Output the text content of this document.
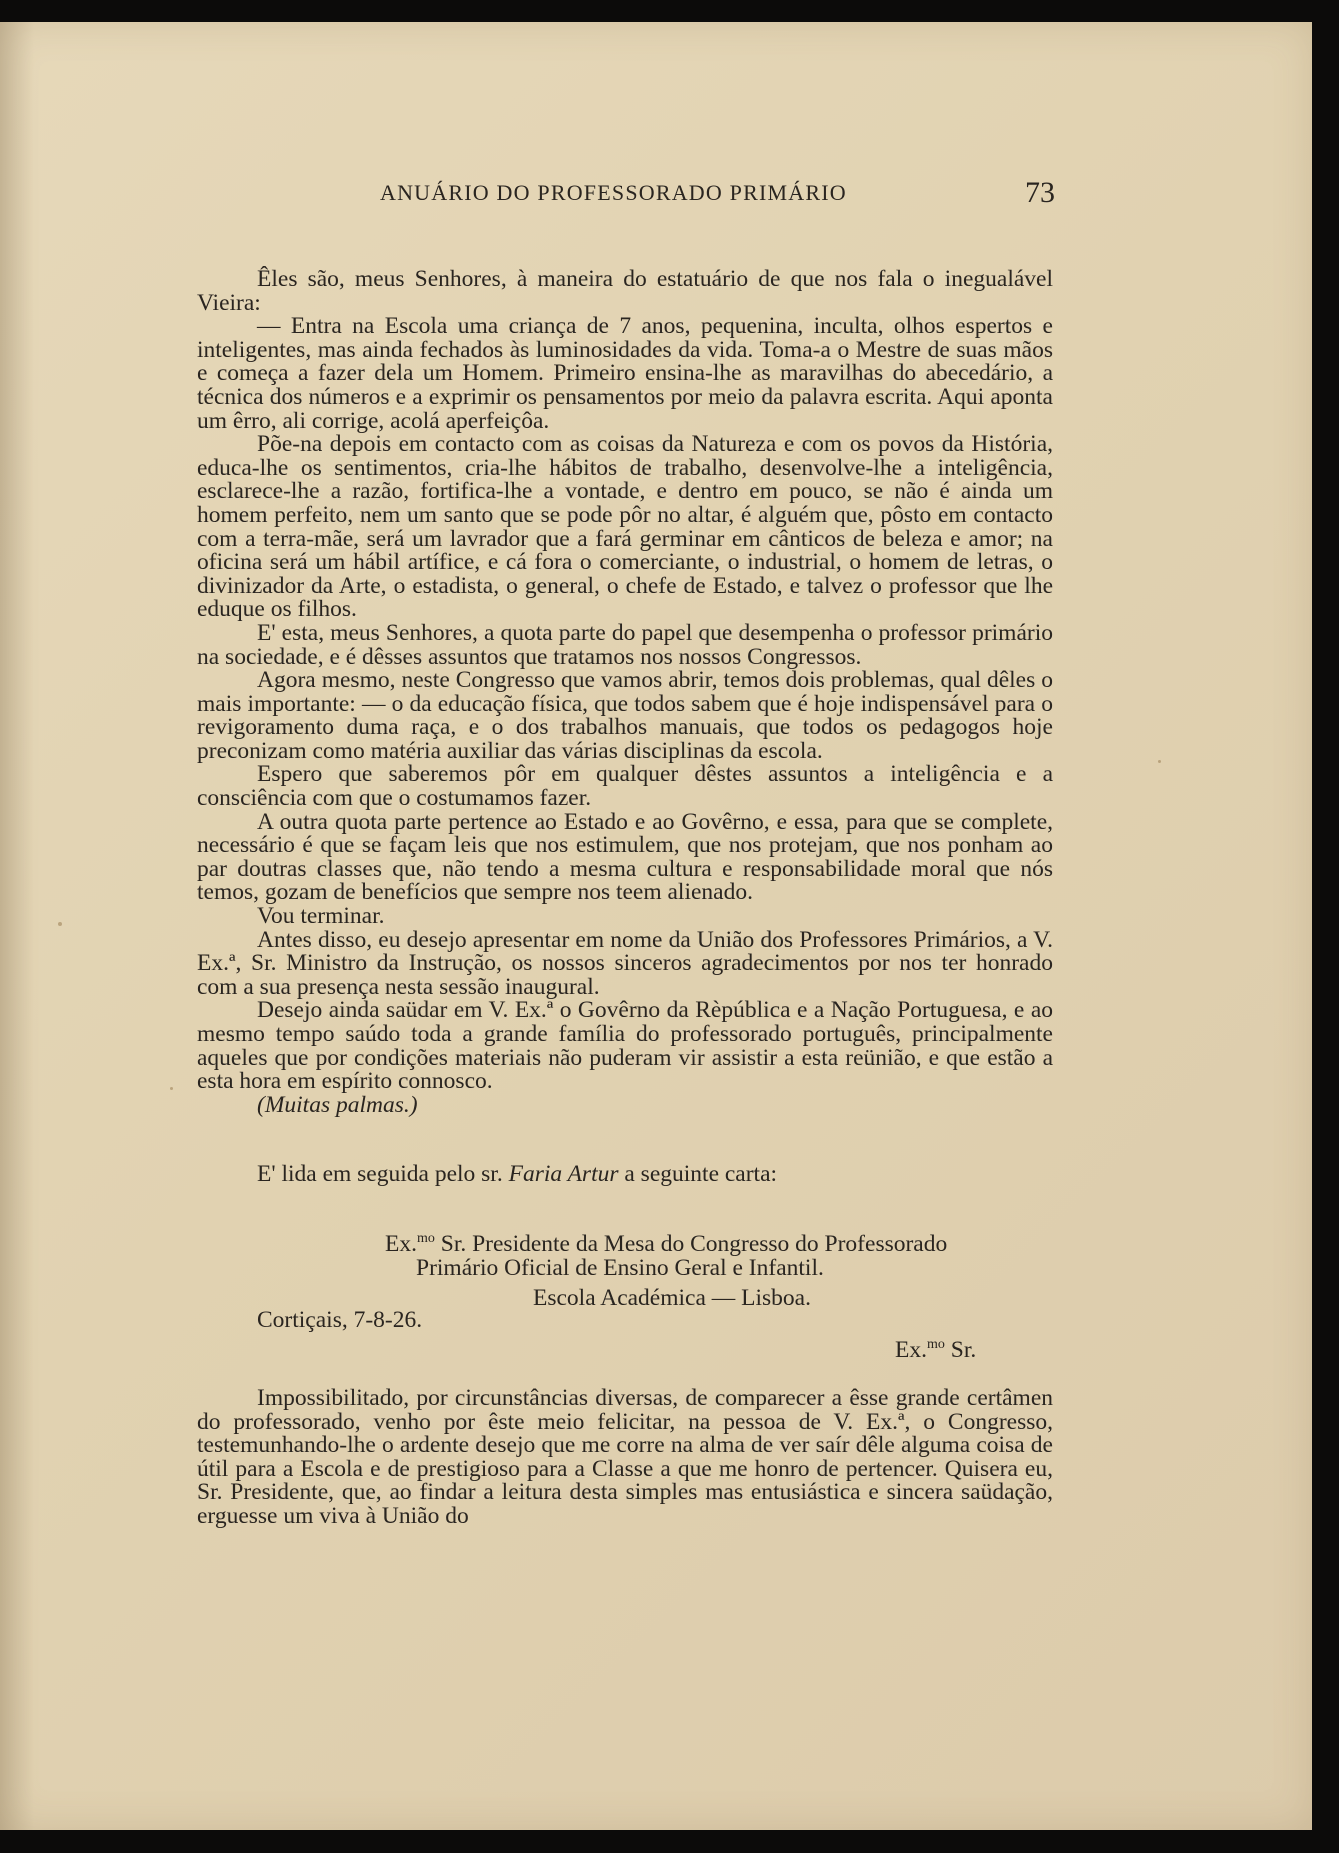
ANUÁRIO DO PROFESSORADO PRIMÁRIO	73

Êles são, meus Senhores, à maneira do estatuário de que nos fala o inegualável Vieira:

— Entra na Escola uma criança de 7 anos, pequenina, inculta, olhos espertos e inteligentes, mas ainda fechados às luminosidades da vida. Toma-a o Mestre de suas mãos e começa a fazer dela um Homem. Primeiro ensina-lhe as maravilhas do abecedário, a técnica dos números e a exprimir os pensamentos por meio da palavra escrita. Aqui aponta um êrro, ali corrige, acolá aperfeiçôa.

Põe-na depois em contacto com as coisas da Natureza e com os povos da História, educa-lhe os sentimentos, cria-lhe hábitos de trabalho, desenvolve-lhe a inteligência, esclarece-lhe a razão, fortifica-lhe a vontade, e dentro em pouco, se não é ainda um homem perfeito, nem um santo que se pode pôr no altar, é alguém que, pôsto em contacto com a terra-mãe, será um lavrador que a fará germinar em cânticos de beleza e amor; na oficina será um hábil artífice, e cá fora o comerciante, o industrial, o homem de letras, o divinizador da Arte, o estadista, o general, o chefe de Estado, e talvez o professor que lhe eduque os filhos.

E' esta, meus Senhores, a quota parte do papel que desempenha o professor primário na sociedade, e é dêsses assuntos que tratamos nos nossos Congressos.

Agora mesmo, neste Congresso que vamos abrir, temos dois problemas, qual dêles o mais importante: — o da educação física, que todos sabem que é hoje indispensável para o revigoramento duma raça, e o dos trabalhos manuais, que todos os pedagogos hoje preconizam como matéria auxiliar das várias disciplinas da escola.

Espero que saberemos pôr em qualquer dêstes assuntos a inteligência e a consciência com que o costumamos fazer.

A outra quota parte pertence ao Estado e ao Govêrno, e essa, para que se complete, necessário é que se façam leis que nos estimulem, que nos protejam, que nos ponham ao par doutras classes que, não tendo a mesma cultura e responsabilidade moral que nós temos, gozam de benefícios que sempre nos teem alienado.

Vou terminar.

Antes disso, eu desejo apresentar em nome da União dos Professores Primários, a V. Ex.ª, Sr. Ministro da Instrução, os nossos sinceros agradecimentos por nos ter honrado com a sua presença nesta sessão inaugural.

Desejo ainda saüdar em V. Ex.ª o Govêrno da Rèpública e a Nação Portuguesa, e ao mesmo tempo saúdo toda a grande família do professorado português, principalmente aqueles que por condições materiais não puderam vir assistir a esta reünião, e que estão a esta hora em espírito connosco.

(Muitas palmas.)

E' lida em seguida pelo sr. Faria Artur a seguinte carta:

Ex.$^{mo}$ Sr. Presidente da Mesa do Congresso do Professorado
Primário Oficial de Ensino Geral e Infantil.
Escola Académica — Lisboa.
Cortiçais, 7-8-26.
Ex.$^{mo}$ Sr.

Impossibilitado, por circunstâncias diversas, de comparecer a êsse grande certâmen do professorado, venho por êste meio felicitar, na pessoa de V. Ex.ª, o Congresso, testemunhando-lhe o ardente desejo que me corre na alma de ver saír dêle alguma coisa de útil para a Escola e de prestigioso para a Classe a que me honro de pertencer. Quisera eu, Sr. Presidente, que, ao findar a leitura desta simples mas entusiástica e sincera saüdação, erguesse um viva à União do
